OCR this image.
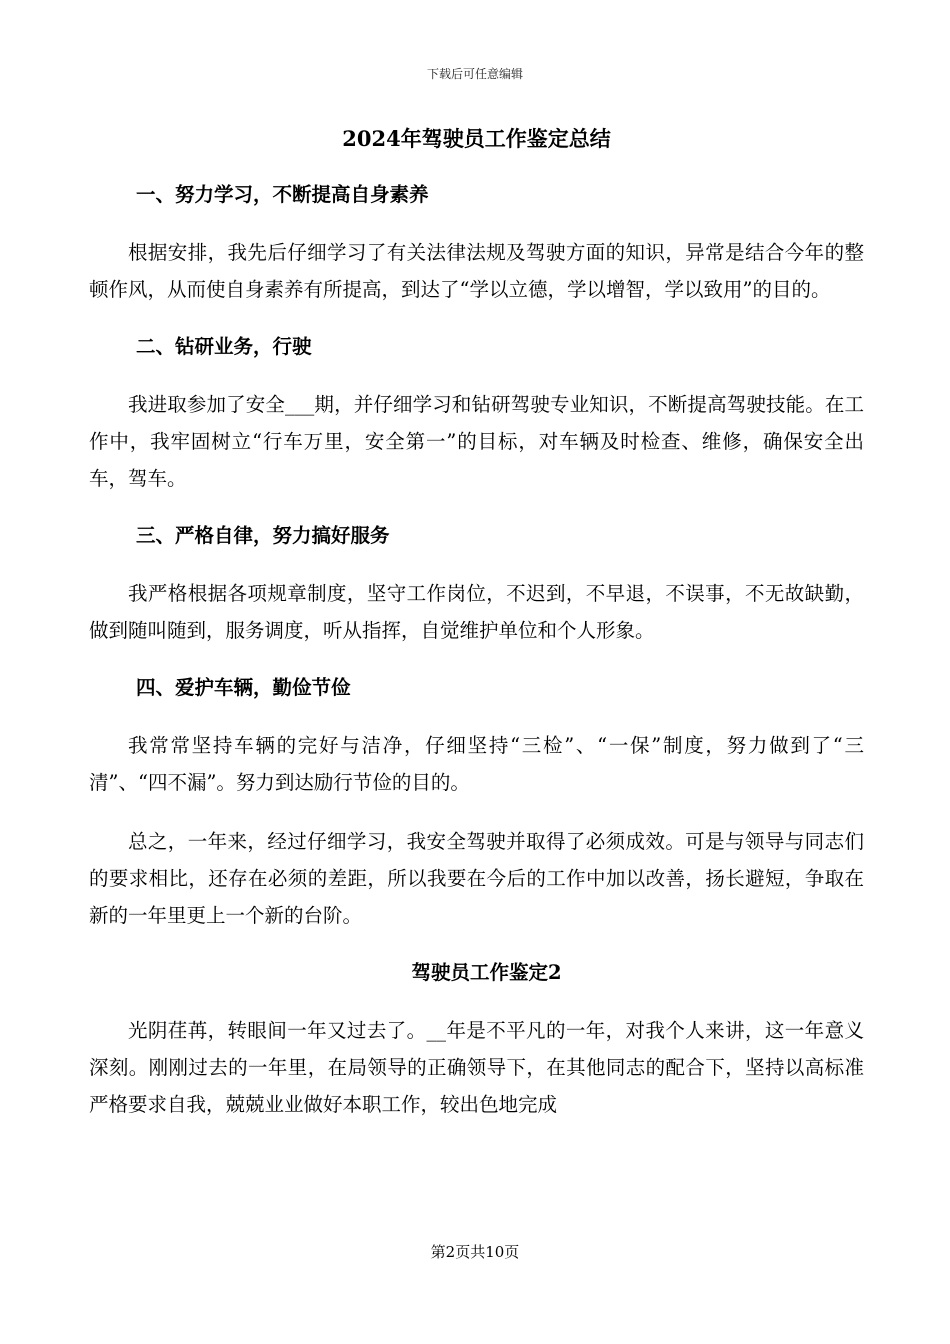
下载后可任意编辑
2024年驾驶员工作鉴定总结
一、努力学习，不断提高自身素养
根据安排，我先后仔细学习了有关法律法规及驾驶方面的知识，异常是结合今年的整顿作风，从而使自身素养有所提高，到达了“学以立德，学以增智，学以致用”的目的。
二、钻研业务，行驶
我进取参加了安全___期，并仔细学习和钻研驾驶专业知识，不断提高驾驶技能。在工作中，我牢固树立“行车万里，安全第一”的目标，对车辆及时检查、维修，确保安全出车，驾车。
三、严格自律，努力搞好服务
我严格根据各项规章制度，坚守工作岗位，不迟到，不早退，不误事，不无故缺勤，做到随叫随到，服务调度，听从指挥，自觉维护单位和个人形象。
四、爱护车辆，勤俭节俭
我常常坚持车辆的完好与洁净，仔细坚持“三检”、“一保”制度，努力做到了“三清”、“四不漏”。努力到达励行节俭的目的。
总之，一年来，经过仔细学习，我安全驾驶并取得了必须成效。可是与领导与同志们的要求相比，还存在必须的差距，所以我要在今后的工作中加以改善，扬长避短，争取在新的一年里更上一个新的台阶。
驾驶员工作鉴定2
光阴荏苒，转眼间一年又过去了。__年是不平凡的一年，对我个人来讲，这一年意义深刻。刚刚过去的一年里，在局领导的正确领导下，在其他同志的配合下，坚持以高标准严格要求自我，兢兢业业做好本职工作，较出色地完成
第2页共10页
